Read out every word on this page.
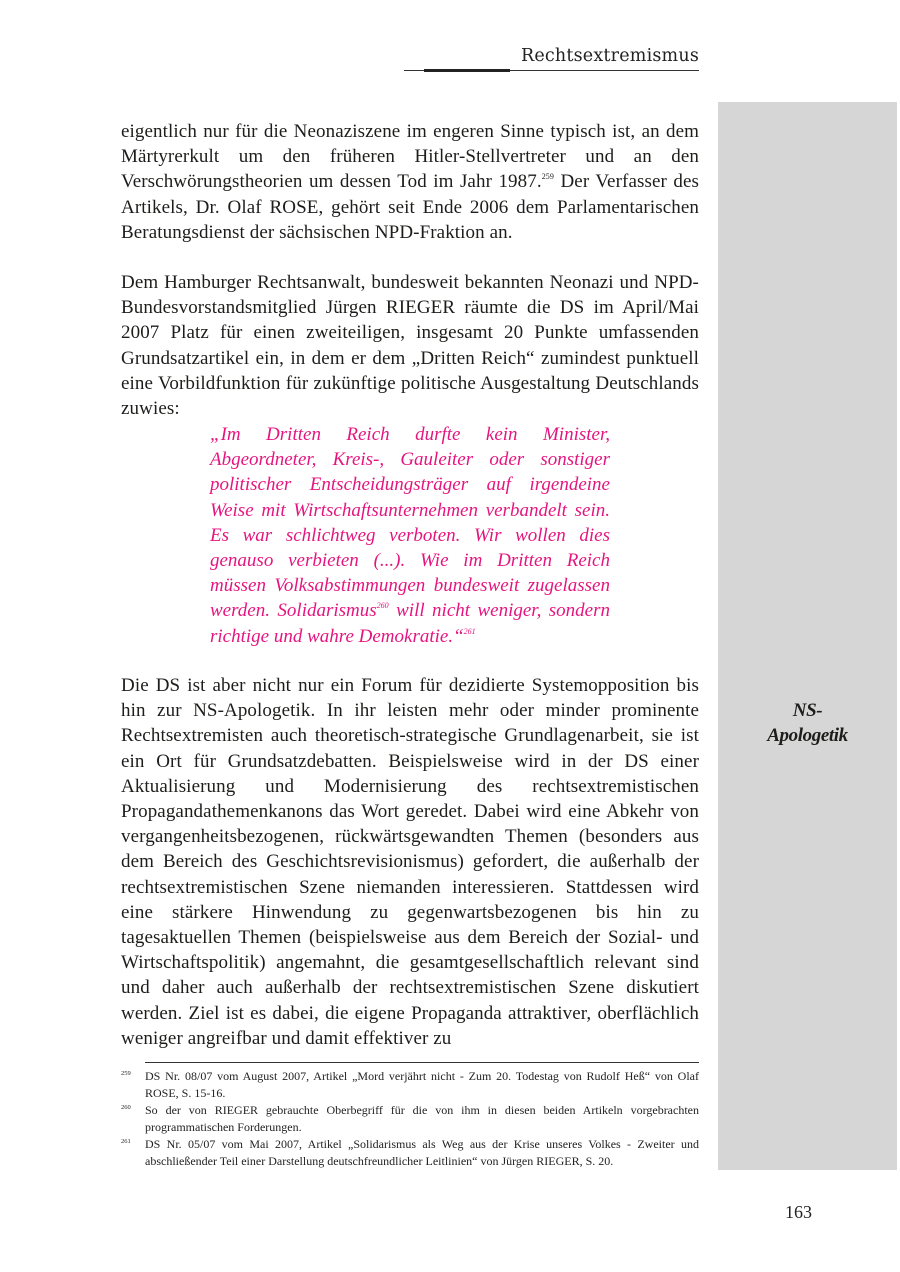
Rechtsextremismus
NS-
Apologetik
eigentlich nur für die Neonaziszene im engeren Sinne typisch ist, an dem Märtyrerkult um den früheren Hitler-Stellvertreter und an den Verschwörungstheorien um dessen Tod im Jahr 1987.$^{259}$ Der Verfasser des Artikels, Dr. Olaf ROSE, gehört seit Ende 2006 dem Parlamentarischen Beratungsdienst der sächsischen NPD-Fraktion an.
Dem Hamburger Rechtsanwalt, bundesweit bekannten Neonazi und NPD-Bundesvorstandsmitglied Jürgen RIEGER räumte die DS im April/Mai 2007 Platz für einen zweiteiligen, insgesamt 20 Punkte umfassenden Grundsatzartikel ein, in dem er dem „Dritten Reich“ zumindest punktuell eine Vorbildfunktion für zukünftige politische Ausgestaltung Deutschlands zuwies:
„Im Dritten Reich durfte kein Minister, Abgeordneter, Kreis-, Gauleiter oder sonstiger politischer Entscheidungsträger auf irgendeine Weise mit Wirtschaftsunternehmen verbandelt sein. Es war schlichtweg verboten. Wir wollen dies genauso verbieten (...). Wie im Dritten Reich müssen Volksabstimmungen bundesweit zugelassen werden. Solidarismus$^{260}$ will nicht weniger, sondern richtige und wahre Demokratie.“$^{261}$
Die DS ist aber nicht nur ein Forum für dezidierte Systemopposition bis hin zur NS-Apologetik. In ihr leisten mehr oder minder prominente Rechtsextremisten auch theoretisch-strategische Grundlagenarbeit, sie ist ein Ort für Grundsatzdebatten. Beispielsweise wird in der DS einer Aktualisierung und Modernisierung des rechtsextremistischen Propagandathemenkanons das Wort geredet. Dabei wird eine Abkehr von vergangenheitsbezogenen, rückwärtsgewandten Themen (besonders aus dem Bereich des Geschichtsrevisionismus) gefordert, die außerhalb der rechtsextremistischen Szene niemanden interessieren. Stattdessen wird eine stärkere Hinwendung zu gegenwartsbezogenen bis hin zu tagesaktuellen Themen (beispielsweise aus dem Bereich der Sozial- und Wirtschaftspolitik) angemahnt, die gesamtgesellschaftlich relevant sind und daher auch außerhalb der rechtsextremistischen Szene diskutiert werden. Ziel ist es dabei, die eigene Propaganda attraktiver, oberflächlich weniger angreifbar und damit effektiver zu
259 DS Nr. 08/07 vom August 2007, Artikel „Mord verjährt nicht - Zum 20. Todestag von Rudolf Heß“ von Olaf ROSE, S. 15-16.
260 So der von RIEGER gebrauchte Oberbegriff für die von ihm in diesen beiden Artikeln vorgebrachten programmatischen Forderungen.
261 DS Nr. 05/07 vom Mai 2007, Artikel „Solidarismus als Weg aus der Krise unseres Volkes - Zweiter und abschließender Teil einer Darstellung deutschfreundlicher Leitlinien“ von Jürgen RIEGER, S. 20.
163
